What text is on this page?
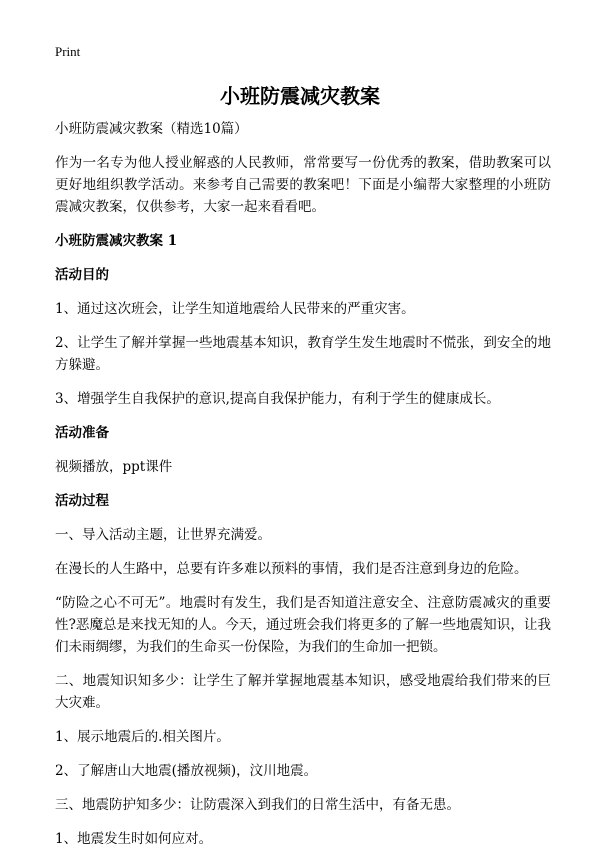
Print
小班防震减灾教案
小班防震减灾教案（精选10篇）
作为一名专为他人授业解惑的人民教师，常常要写一份优秀的教案，借助教案可以更好地组织教学活动。来参考自己需要的教案吧！下面是小编帮大家整理的小班防震减灾教案，仅供参考，大家一起来看看吧。
小班防震减灾教案 1
活动目的
1、通过这次班会，让学生知道地震给人民带来的严重灾害。
2、让学生了解并掌握一些地震基本知识，教育学生发生地震时不慌张，到安全的地方躲避。
3、增强学生自我保护的意识,提高自我保护能力，有利于学生的健康成长。
活动准备
视频播放，ppt课件
活动过程
一、导入活动主题，让世界充满爱。
在漫长的人生路中，总要有许多难以预料的事情，我们是否注意到身边的危险。
“防险之心不可无”。地震时有发生，我们是否知道注意安全、注意防震减灾的重要性?恶魔总是来找无知的人。今天，通过班会我们将更多的了解一些地震知识，让我们未雨绸缪，为我们的生命买一份保险，为我们的生命加一把锁。
二、地震知识知多少：让学生了解并掌握地震基本知识，感受地震给我们带来的巨大灾难。
1、展示地震后的.相关图片。
2、了解唐山大地震(播放视频)，汶川地震。
三、地震防护知多少：让防震深入到我们的日常生活中，有备无患。
1、地震发生时如何应对。
